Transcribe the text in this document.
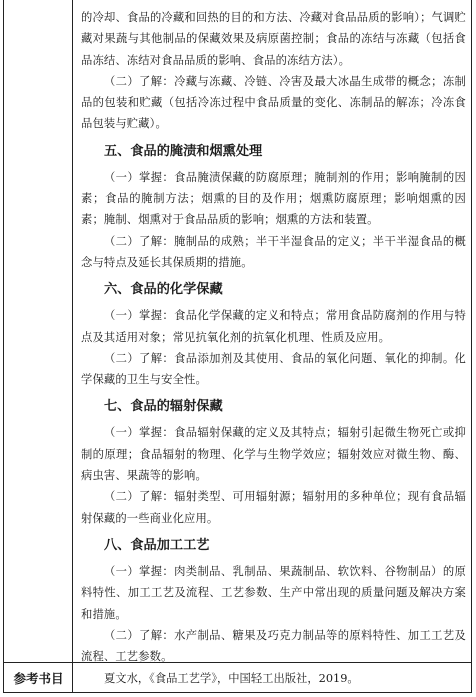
的冷却、食品的冷藏和回热的目的和方法、冷藏对食品品质的影响）；气调贮藏对果蔬与其他制品的保藏效果及病原菌控制；食品的冻结与冻藏（包括食品冻结、冻结对食品品质的影响、食品的冻结方法）。

（二）了解：冷藏与冻藏、冷链、冷害及最大冰晶生成带的概念；冻制品的包装和贮藏（包括冷冻过程中食品质量的变化、冻制品的解冻；冷冻食品包装与贮藏）。

五、食品的腌渍和烟熏处理

（一）掌握：食品腌渍保藏的防腐原理；腌制剂的作用；影响腌制的因素；食品的腌制方法；烟熏的目的及作用；烟熏防腐原理；影响烟熏的因素；腌制、烟熏对于食品品质的影响；烟熏的方法和装置。

（二）了解：腌制品的成熟；半干半湿食品的定义；半干半湿食品的概念与特点及延长其保质期的措施。

六、食品的化学保藏

（一）掌握：食品化学保藏的定义和特点；常用食品防腐剂的作用与特点及其适用对象；常见抗氧化剂的抗氧化机理、性质及应用。

（二）了解：食品添加剂及其使用、食品的氧化问题、氧化的抑制。化学保藏的卫生与安全性。

七、食品的辐射保藏

（一）掌握：食品辐射保藏的定义及其特点；辐射引起微生物死亡或抑制的原理；食品辐射的物理、化学与生物学效应；辐射效应对微生物、酶、病虫害、果蔬等的影响。

（二）了解：辐射类型、可用辐射源；辐射用的多种单位；现有食品辐射保藏的一些商业化应用。

八、食品加工工艺

（一）掌握：肉类制品、乳制品、果蔬制品、软饮料、谷物制品）的原料特性、加工工艺及流程、工艺参数、生产中常出现的质量问题及解决方案和措施。

（二）了解：水产制品、糖果及巧克力制品等的原料特性、加工工艺及流程、工艺参数。

参考书目	夏文水，《食品工艺学》，中国轻工出版社，2019。
